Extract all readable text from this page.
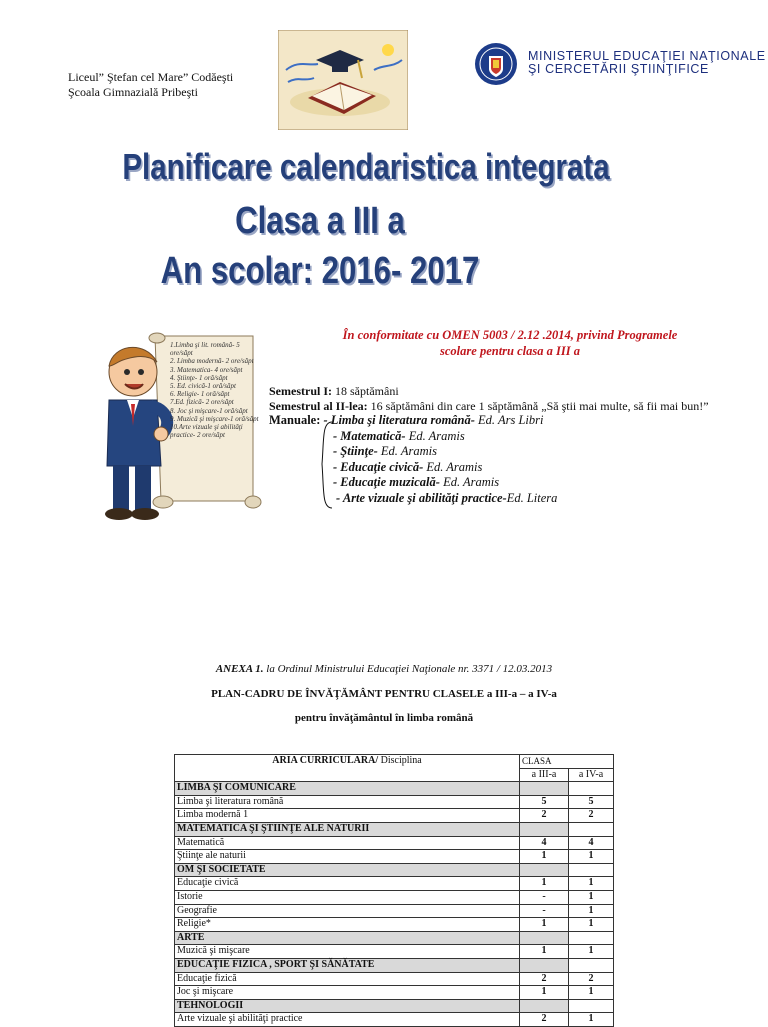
Liceul” Ştefan cel Mare” Codăeşti
Şcoala Gimnazială Pribeşti
MINISTERUL EDUCAŢIEI NAŢIONALE
ŞI CERCETĂRII ŞTIINŢIFICE
Planificare calendaristica integrata
Clasa a III a
An scolar: 2016- 2017
În conformitate cu OMEN 5003 / 2.12 .2014, privind Programele
scolare pentru clasa a III a
1.Limba şi lit. română- 5 ore/săpt
2. Limba modernă- 2 ore/săpt
3. Matematica- 4 ore/săpt
4. Ştiinţe- 1 oră/săpt
5. Ed. civică-1 oră/săpt
6. Religie- 1 oră/săpt
7.Ed. fizică- 2 ore/săpt
8. Joc şi mişcare-1 oră/săpt
9. Muzică şi mişcare-1 oră/săpt
10.Arte vizuale şi abilităţi practice- 2 ore/săpt
Semestrul I: 18 săptămâni
Semestrul al II-lea: 16 săptămâni din care 1 săptămână „Să ştii mai multe, să fii mai bun!”
Manuale: - Limba şi literatura română- Ed. Ars Libri
- Matematică- Ed. Aramis
- Ştiinţe- Ed. Aramis
- Educaţie civică- Ed. Aramis
- Educaţie muzicală- Ed. Aramis
- Arte vizuale şi abilităţi practice-Ed. Litera
ANEXA 1. la Ordinul Ministrului Educaţiei Naţionale nr. 3371 / 12.03.2013
PLAN-CADRU DE ÎNVĂŢĂMÂNT PENTRU CLASELE a III-a – a IV-a
pentru învăţământul în limba română
ARIA CURRICULARA/ Disciplina	CLASA	
	a III-a	a IV-a
LIMBA ŞI COMUNICARE		
Limba şi literatura română	5	5
Limba modernă 1	2	2
MATEMATICA ŞI ŞTIINŢE ALE NATURII		
Matematică	4	4
Ştiinţe ale naturii	1	1
OM ŞI SOCIETATE		
Educaţie civică	1	1
Istorie	-	1
Geografie	-	1
Religie*	1	1
ARTE		
Muzică şi mişcare	1	1
EDUCAŢIE FIZICA , SPORT ŞI SĂNĂTATE		
Educaţie fizică	2	2
Joc şi mişcare	1	1
TEHNOLOGII		
Arte vizuale şi abilităţi practice	2	1
